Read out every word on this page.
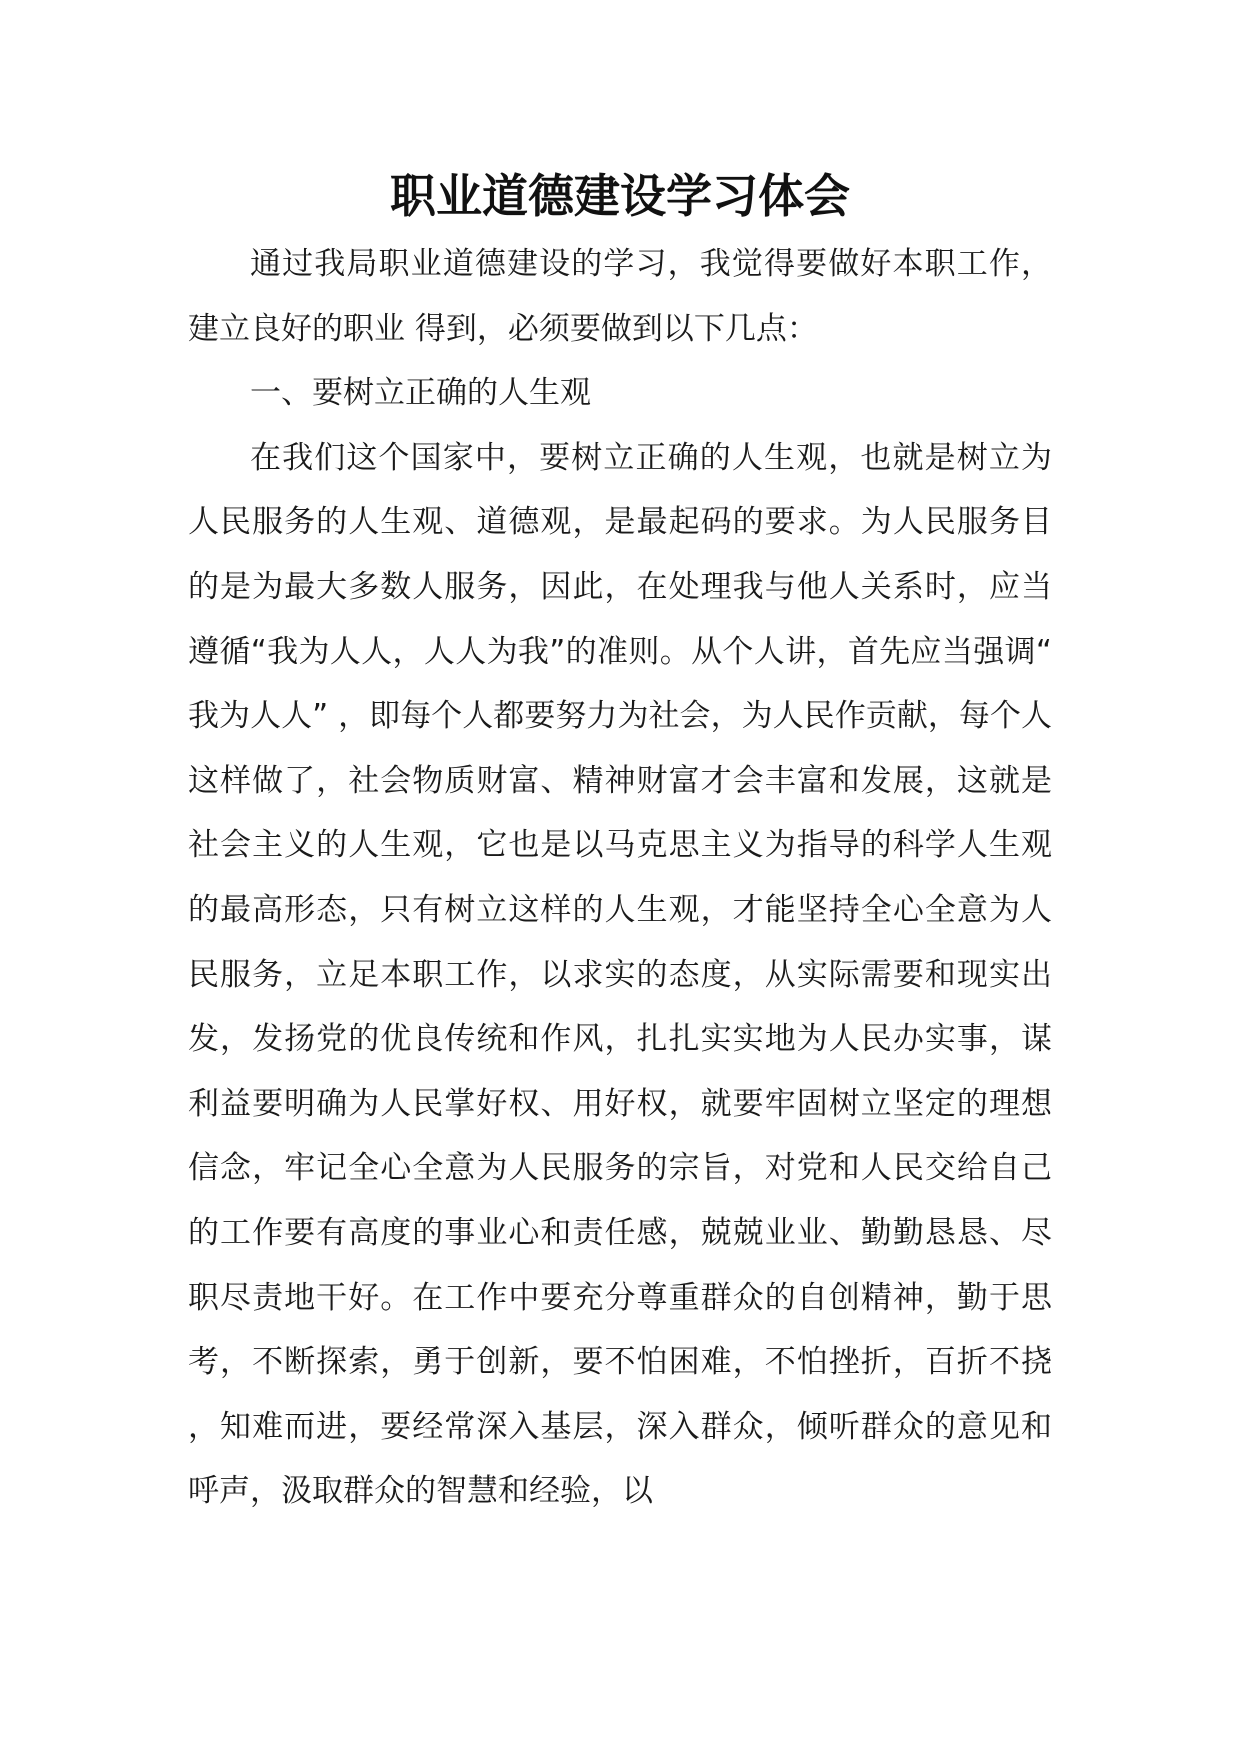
职业道德建设学习体会

通过我局职业道德建设的学习，我觉得要做好本职工作，建立良好的职业 得到，必须要做到以下几点：

一、要树立正确的人生观

在我们这个国家中，要树立正确的人生观，也就是树立为人民服务的人生观、道德观，是最起码的要求。为人民服务目的是为最大多数人服务，因此，在处理我与他人关系时，应当遵循“我为人人，人人为我”的准则。从个人讲，首先应当强调“我为人人” ，即每个人都要努力为社会，为人民作贡献，每个人这样做了，社会物质财富、精神财富才会丰富和发展，这就是社会主义的人生观，它也是以马克思主义为指导的科学人生观的最高形态，只有树立这样的人生观，才能坚持全心全意为人民服务，立足本职工作，以求实的态度，从实际需要和现实出发，发扬党的优良传统和作风，扎扎实实地为人民办实事，谋利益要明确为人民掌好权、用好权，就要牢固树立坚定的理想信念，牢记全心全意为人民服务的宗旨，对党和人民交给自己的工作要有高度的事业心和责任感，兢兢业业、勤勤恳恳、尽职尽责地干好。在工作中要充分尊重群众的自创精神，勤于思考，不断探索，勇于创新，要不怕困难，不怕挫折，百折不挠，知难而进，要经常深入基层，深入群众，倾听群众的意见和呼声，汲取群众的智慧和经验，以
